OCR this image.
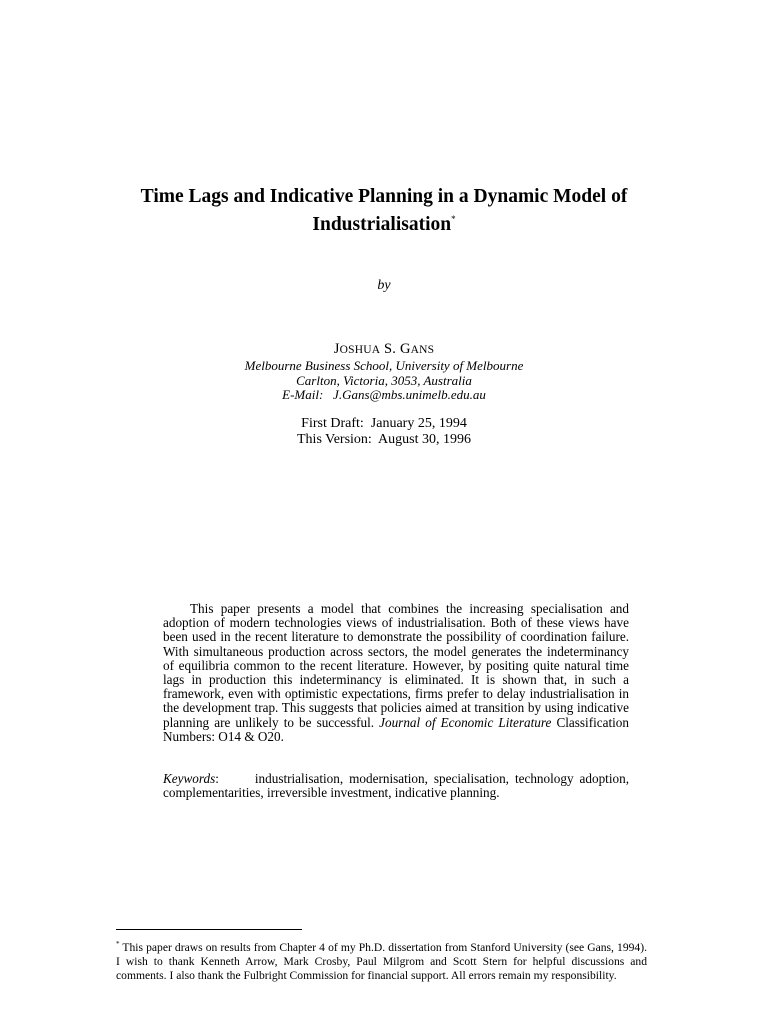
Time Lags and Indicative Planning in a Dynamic Model of
Industrialisation*
by
JOSHUA S. GANS
Melbourne Business School, University of Melbourne
Carlton, Victoria, 3053, Australia
E-Mail:   J.Gans@mbs.unimelb.edu.au
First Draft:  January 25, 1994
This Version:  August 30, 1996

This paper presents a model that combines the increasing specialisation and adoption of modern technologies views of industrialisation. Both of these views have been used in the recent literature to demonstrate the possibility of coordination failure. With simultaneous production across sectors, the model generates the indeterminancy of equilibria common to the recent literature. However, by positing quite natural time lags in production this indeterminancy is eliminated. It is shown that, in such a framework, even with optimistic expectations, firms prefer to delay industrialisation in the development trap. This suggests that policies aimed at transition by using indicative planning are unlikely to be successful. Journal of Economic Literature Classification Numbers: O14 & O20.

Keywords:	industrialisation, modernisation, specialisation, technology adoption, complementarities, irreversible investment, indicative planning.
* This paper draws on results from Chapter 4 of my Ph.D. dissertation from Stanford University (see Gans, 1994). I wish to thank Kenneth Arrow, Mark Crosby, Paul Milgrom and Scott Stern for helpful discussions and comments. I also thank the Fulbright Commission for financial support. All errors remain my responsibility.
